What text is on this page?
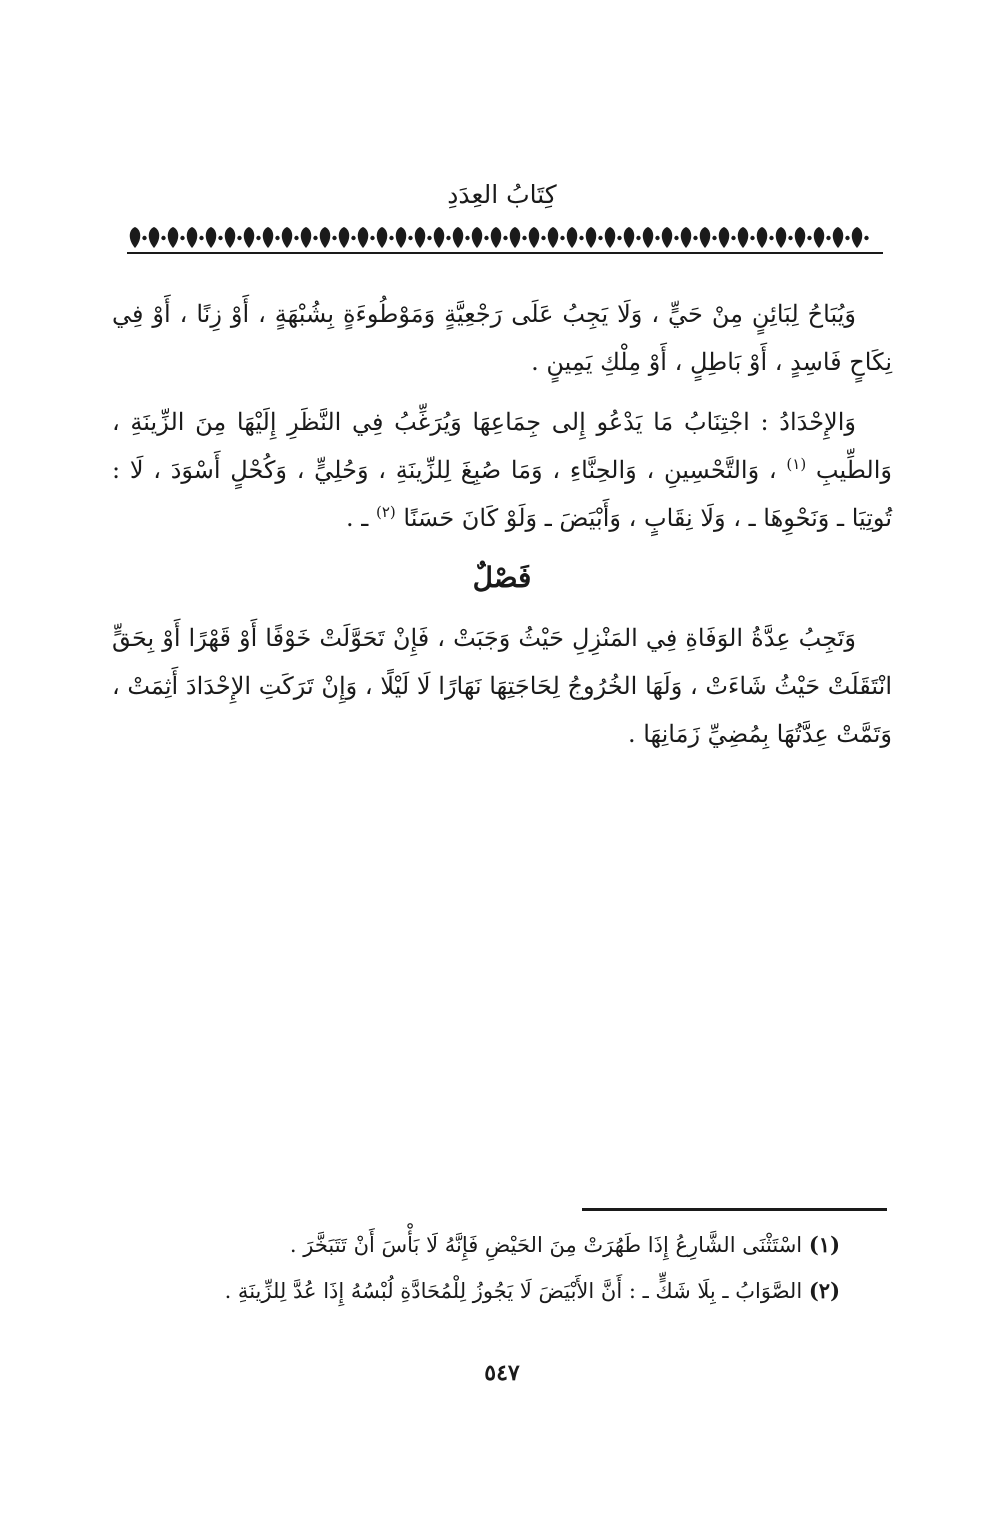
كِتَابُ العِدَدِ

وَيُبَاحُ لِبَائِنٍ مِنْ حَيٍّ ، وَلَا يَجِبُ عَلَى رَجْعِيَّةٍ وَمَوْطُوءَةٍ بِشُبْهَةٍ ، أَوْ زِنًا ، أَوْ فِي نِكَاحٍ فَاسِدٍ ، أَوْ بَاطِلٍ ، أَوْ مِلْكِ يَمِينٍ .

وَالإِحْدَادُ : اجْتِنَابُ مَا يَدْعُو إِلى جِمَاعِهَا وَيُرَغِّبُ فِي النَّظَرِ إِلَيْهَا مِنَ الزِّينَةِ ، وَالطِّيبِ $^{(١)}$ ، وَالتَّحْسِينِ ، وَالحِنَّاءِ ، وَمَا صُبِغَ لِلزِّينَةِ ، وَحُلِيٍّ ، وَكُحْلٍ أَسْوَدَ ، لَا : تُوتِيَا ـ وَنَحْوِهَا ـ ، وَلَا نِقَابٍ ، وَأَبْيَضَ ـ وَلَوْ كَانَ حَسَنًا $^{(٢)}$ ـ .

فَصْلٌ

وَتَجِبُ عِدَّةُ الوَفَاةِ فِي المَنْزِلِ حَيْثُ وَجَبَتْ ، فَإِنْ تَحَوَّلَتْ خَوْفًا أَوْ قَهْرًا أَوْ بِحَقٍّ انْتَقَلَتْ حَيْثُ شَاءَتْ ، وَلَهَا الخُرُوجُ لِحَاجَتِهَا نَهَارًا لَا لَيْلًا ، وَإِنْ تَرَكَتِ الإِحْدَادَ أَثِمَتْ ، وَتَمَّتْ عِدَّتُهَا بِمُضِيِّ زَمَانِهَا .

(١) اسْتَثْنَى الشَّارِعُ إِذَا طَهُرَتْ مِنَ الحَيْضِ فَإِنَّهُ لَا بَأْسَ أَنْ تَتَبَخَّرَ .

(٢) الصَّوَابُ ـ بِلَا شَكٍّ ـ : أَنَّ الأَبْيَضَ لَا يَجُوزُ لِلْمُحَادَّةِ لُبْسُهُ إِذَا عُدَّ لِلزِّينَةِ .

٥٤٧
